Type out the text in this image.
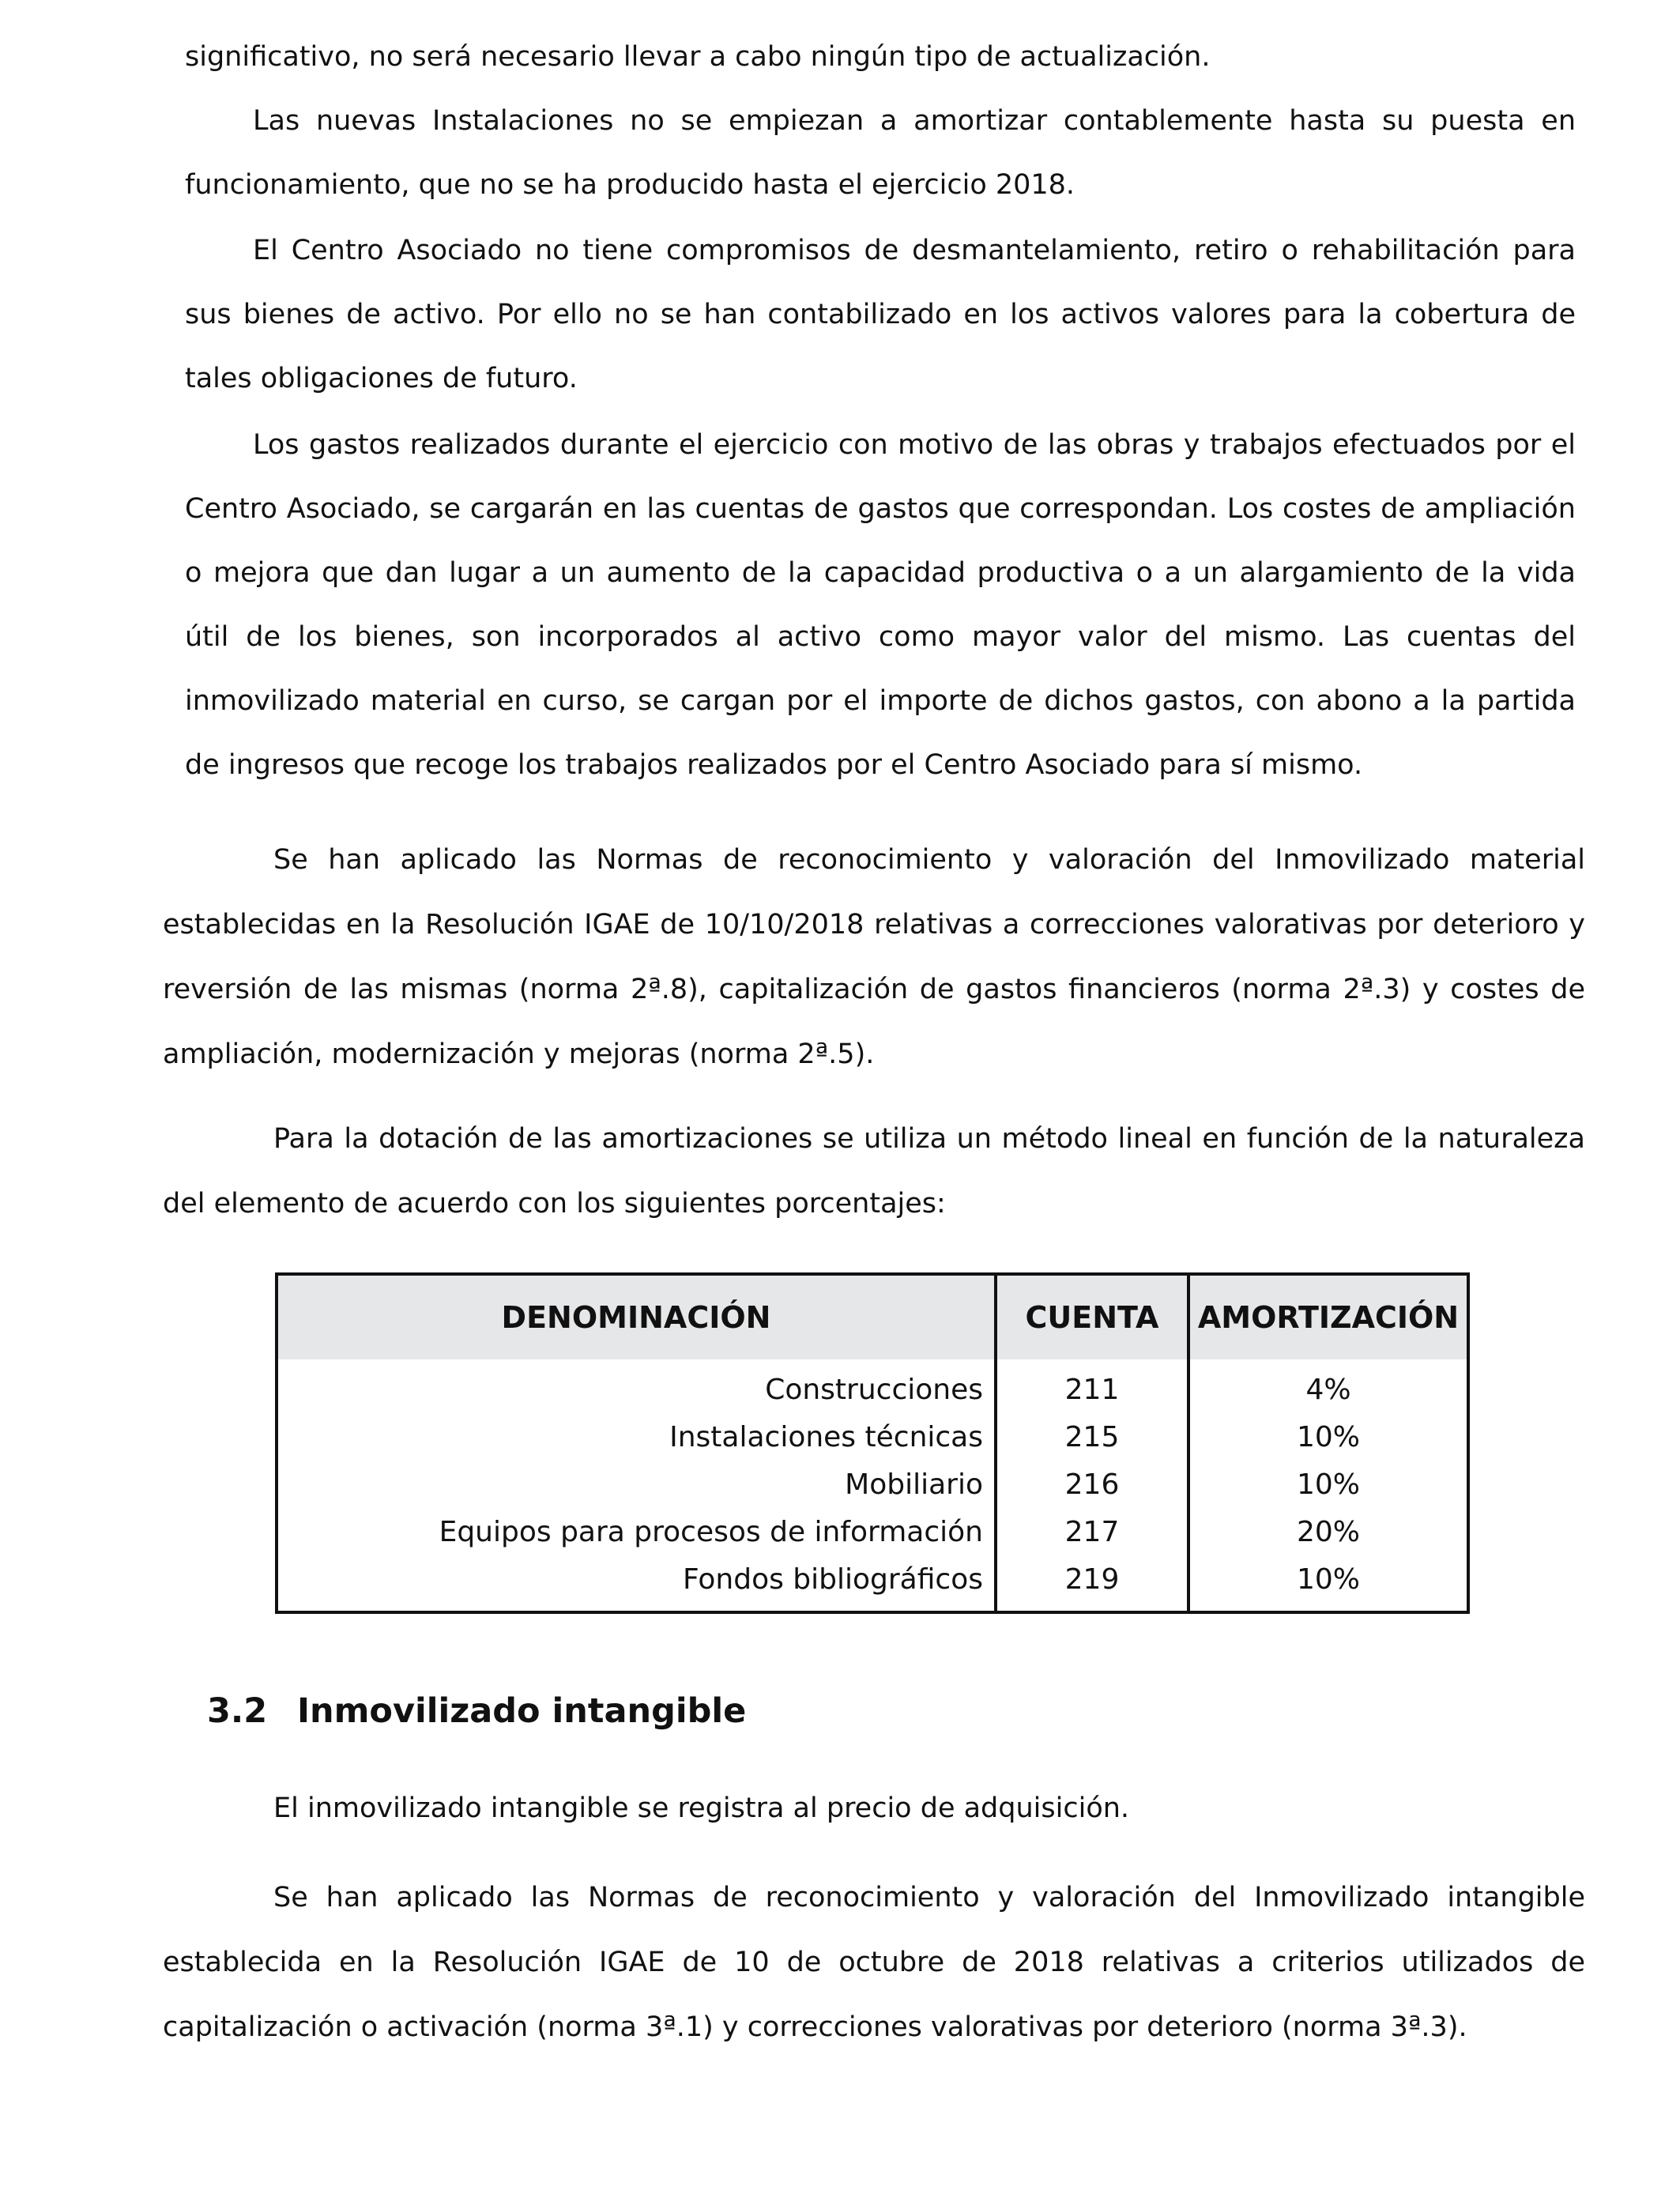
significativo, no será necesario llevar a cabo ningún tipo de actualización.

Las nuevas Instalaciones no se empiezan a amortizar contablemente hasta su puesta en funcionamiento, que no se ha producido hasta el ejercicio 2018.

El Centro Asociado no tiene compromisos de desmantelamiento, retiro o rehabilitación para sus bienes de activo. Por ello no se han contabilizado en los activos valores para la cobertura de tales obligaciones de futuro.

Los gastos realizados durante el ejercicio con motivo de las obras y trabajos efectuados por el Centro Asociado, se cargarán en las cuentas de gastos que correspondan. Los costes de ampliación o mejora que dan lugar a un aumento de la capacidad productiva o a un alargamiento de la vida útil de los bienes, son incorporados al activo como mayor valor del mismo. Las cuentas del inmovilizado material en curso, se cargan por el importe de dichos gastos, con abono a la partida de ingresos que recoge los trabajos realizados por el Centro Asociado para sí mismo.

Se han aplicado las Normas de reconocimiento y valoración del Inmovilizado material establecidas en la Resolución IGAE de 10/10/2018 relativas a correcciones valorativas por deterioro y reversión de las mismas (norma 2ª.8), capitalización de gastos financieros (norma 2ª.3) y costes de ampliación, modernización y mejoras (norma 2ª.5).

Para la dotación de las amortizaciones se utiliza un método lineal en función de la naturaleza del elemento de acuerdo con los siguientes porcentajes:

DENOMINACIÓN	CUENTA	AMORTIZACIÓN
Construcciones	211	4%
Instalaciones técnicas	215	10%
Mobiliario	216	10%
Equipos para procesos de información	217	20%
Fondos bibliográficos	219	10%
3.2 Inmovilizado intangible

El inmovilizado intangible se registra al precio de adquisición.

Se han aplicado las Normas de reconocimiento y valoración del Inmovilizado intangible establecida en la Resolución IGAE de 10 de octubre de 2018 relativas a criterios utilizados de capitalización o activación (norma 3ª.1) y correcciones valorativas por deterioro (norma 3ª.3).
